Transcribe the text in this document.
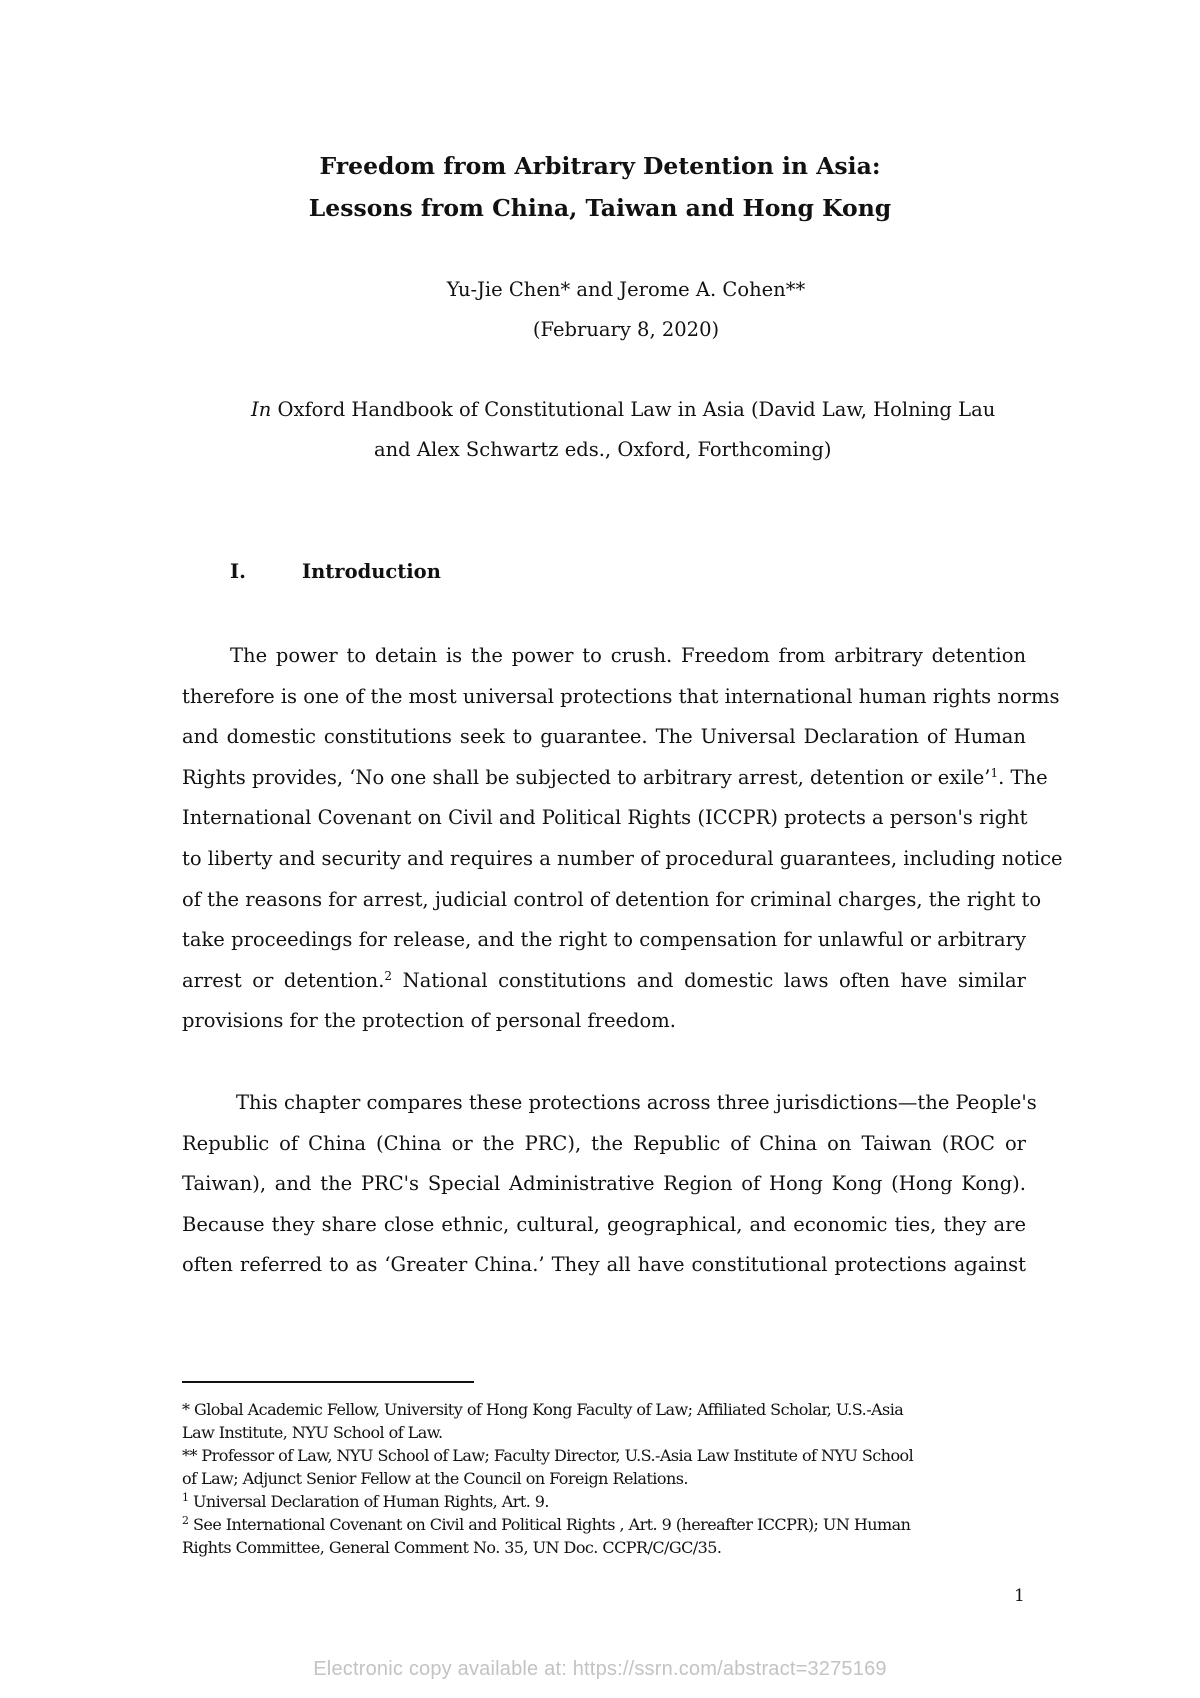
Freedom from Arbitrary Detention in Asia:
Lessons from China, Taiwan and Hong Kong
Yu-Jie Chen* and Jerome A. Cohen**
(February 8, 2020)
In Oxford Handbook of Constitutional Law in Asia (David Law, Holning Lau
and Alex Schwartz eds., Oxford, Forthcoming)
I.	Introduction
The power to detain is the power to crush. Freedom from arbitrary detention
therefore is one of the most universal protections that international human rights norms
and domestic constitutions seek to guarantee. The Universal Declaration of Human
Rights provides, ‘No one shall be subjected to arbitrary arrest, detention or exile’$^1$. The
International Covenant on Civil and Political Rights (ICCPR) protects a person's right
to liberty and security and requires a number of procedural guarantees, including notice
of the reasons for arrest, judicial control of detention for criminal charges, the right to
take proceedings for release, and the right to compensation for unlawful or arbitrary
arrest or detention.$^2$ National constitutions and domestic laws often have similar
provisions for the protection of personal freedom.
This chapter compares these protections across three jurisdictions—the People's
Republic of China (China or the PRC), the Republic of China on Taiwan (ROC or
Taiwan), and the PRC's Special Administrative Region of Hong Kong (Hong Kong).
Because they share close ethnic, cultural, geographical, and economic ties, they are
often referred to as ‘Greater China.’ They all have constitutional protections against
* Global Academic Fellow, University of Hong Kong Faculty of Law; Affiliated Scholar, U.S.-Asia
Law Institute, NYU School of Law.
** Professor of Law, NYU School of Law; Faculty Director, U.S.-Asia Law Institute of NYU School
of Law; Adjunct Senior Fellow at the Council on Foreign Relations.
$^1$ Universal Declaration of Human Rights, Art. 9.
$^2$ See International Covenant on Civil and Political Rights , Art. 9 (hereafter ICCPR); UN Human
Rights Committee, General Comment No. 35, UN Doc. CCPR/C/GC/35.
1
Electronic copy available at: https://ssrn.com/abstract=3275169
